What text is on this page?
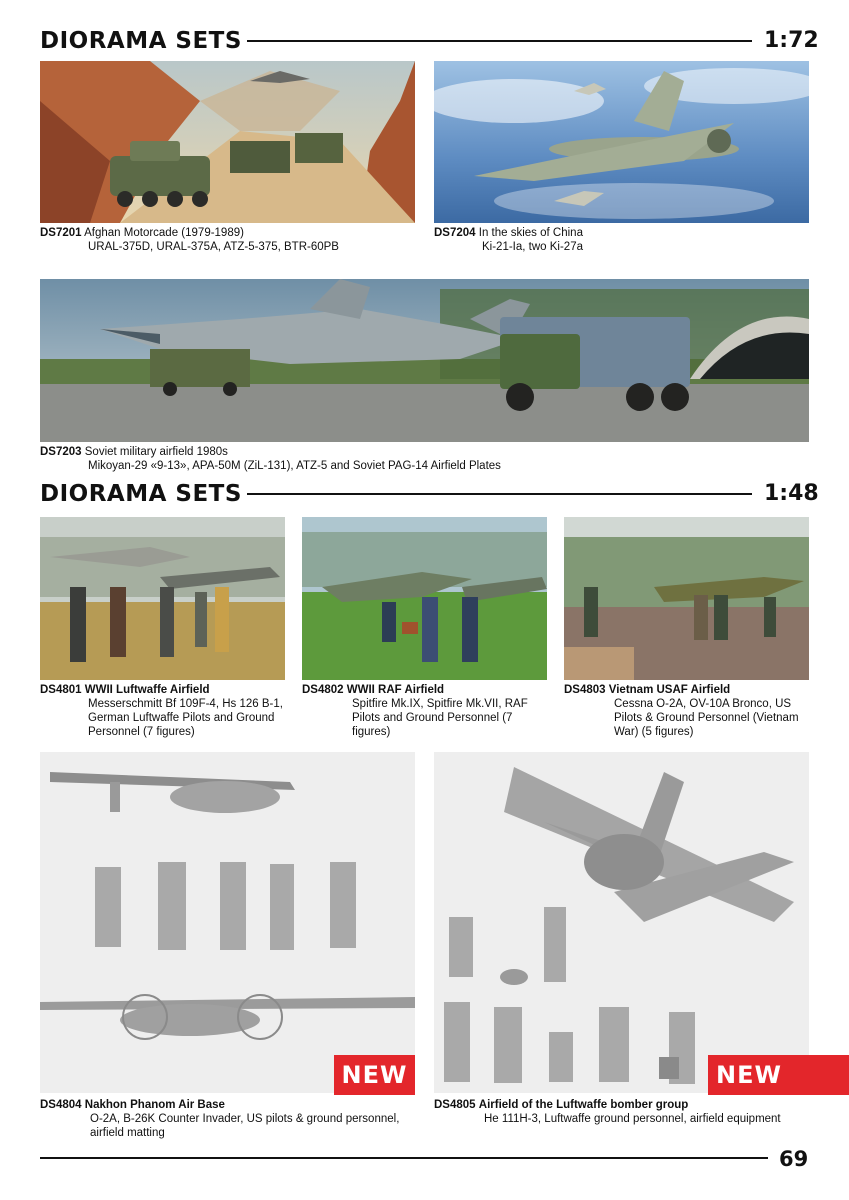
DIORAMA SETS	1:72
DS7201 Afghan Motorcade (1979-1989)
URAL-375D, URAL-375A, ATZ-5-375, BTR-60PB
DS7204 In the skies of China
Ki-21-Ia, two Ki-27a
DS7203 Soviet military airfield 1980s
Mikoyan-29 «9-13», APA-50M (ZiL-131), ATZ-5 and Soviet PAG-14 Airfield Plates
DIORAMA SETS	1:48
DS4801 WWII Luftwaffe Airfield
Messerschmitt Bf 109F-4, Hs 126 B-1, German Luftwaffe Pilots and Ground Personnel (7 figures)
DS4802 WWII RAF Airfield
Spitfire Mk.IX, Spitfire Mk.VII, RAF Pilots and Ground Personnel (7 figures)
DS4803 Vietnam USAF Airfield
Cessna O-2A, OV-10A Bronco, US Pilots & Ground Personnel (Vietnam War) (5 figures)
NEW
DS4804 Nakhon Phanom Air Base
O-2A, B-26K Counter Invader, US pilots & ground personnel, airfield matting
NEW
DS4805 Airfield of the Luftwaffe bomber group
He 111H-3, Luftwaffe ground personnel, airfield equipment
69
